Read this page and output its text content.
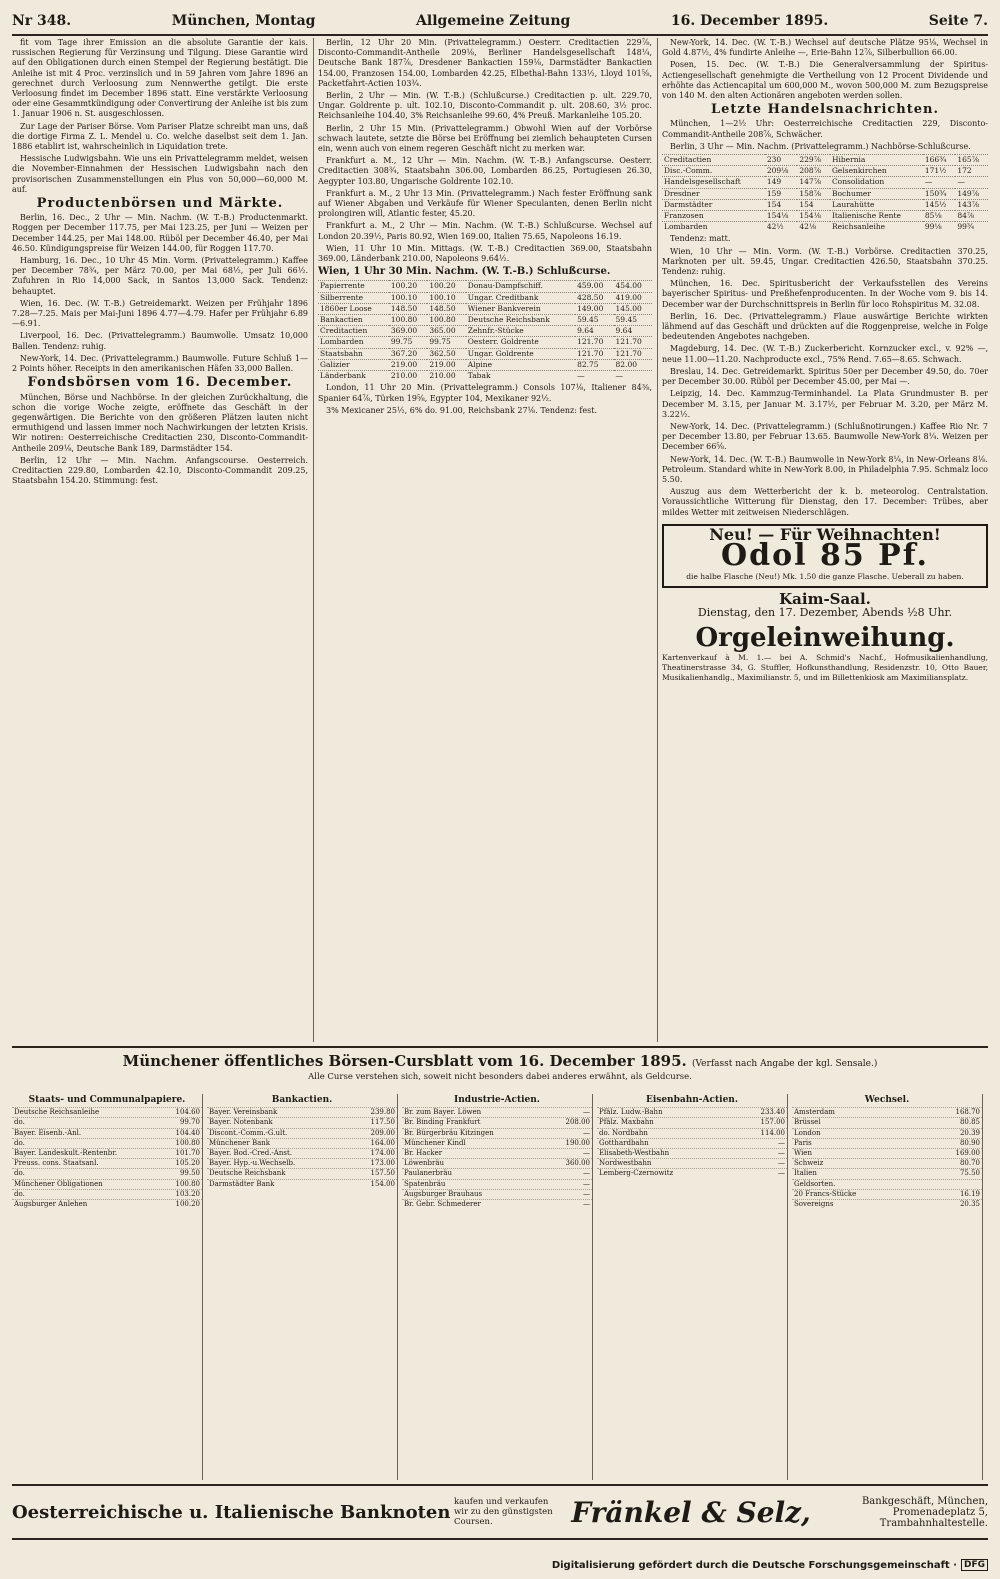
Nr 348.	München, Montag	Allgemeine Zeitung	16. December 1895.	Seite 7.

fit vom Tage ihrer Emission an die absolute Garantie der kais. russischen Regierung für Verzinsung und Tilgung. Diese Garantie wird auf den Obligationen durch einen Stempel der Regierung bestätigt. Die Anleihe ist mit 4 Proc. verzinslich und in 59 Jahren vom Jahre 1896 an gerechnet durch Verloosung zum Nennwerthe getilgt. Die erste Verloosung findet im December 1896 statt. Eine verstärkte Verloosung oder eine Gesammtkündigung oder Convertirung der Anleihe ist bis zum 1. Januar 1906 n. St. ausgeschlossen.

Zur Lage der Pariser Börse. Vom Pariser Platze schreibt man uns, daß die dortige Firma Z. L. Mendel u. Co. welche daselbst seit dem 1. Jan. 1886 etablirt ist, wahrscheinlich in Liquidation trete.

Hessische Ludwigsbahn. Wie uns ein Privattelegramm meldet, weisen die November-Einnahmen der Hessischen Ludwigsbahn nach den provisorischen Zusammenstellungen ein Plus von 50,000—60,000 M. auf.

Productenbörsen und Märkte.

Berlin, 16. Dec., 2 Uhr — Min. Nachm. (W. T.-B.) Productenmarkt. Roggen per December 117.75, per Mai 123.25, per Juni — Weizen per December 144.25, per Mai 148.00. Rüböl per December 46.40, per Mai 46.50. Kündigungspreise für Weizen 144.00, für Roggen 117.70.

Hamburg, 16. Dec., 10 Uhr 45 Min. Vorm. (Privattelegramm.) Kaffee per December 78¾, per März 70.00, per Mai 68½, per Juli 66½. Zufuhren in Rio 14,000 Sack, in Santos 13,000 Sack. Tendenz: behauptet.

Wien, 16. Dec. (W. T.-B.) Getreidemarkt. Weizen per Frühjahr 1896 7.28—7.25. Mais per Mai-Juni 1896 4.77—4.79. Hafer per Frühjahr 6.89—6.91.

Liverpool, 16. Dec. (Privattelegramm.) Baumwolle. Umsatz 10,000 Ballen. Tendenz: ruhig.

New-York, 14. Dec. (Privattelegramm.) Baumwolle. Future Schluß 1—2 Points höher. Receipts in den amerikanischen Häfen 33,000 Ballen.

Fondsbörsen vom 16. December.

München, Börse und Nachbörse. In der gleichen Zurückhaltung, die schon die vorige Woche zeigte, eröffnete das Geschäft in der gegenwärtigen. Die Berichte von den größeren Plätzen lauten nicht ermuthigend und lassen immer noch Nachwirkungen der letzten Krisis. Wir notiren: Oesterreichische Creditactien 230, Discontо-Commandit-Antheile 209⅛, Deutsche Bank 189, Darmstädter 154.

Berlin, 12 Uhr — Min. Nachm. Anfangscourse. Oesterreich. Creditactien 229.80, Lombarden 42.10, Disconto-Commandit 209.25, Staatsbahn 154.20. Stimmung: fest.

Berlin, 12 Uhr 20 Min. (Privattelegramm.) Oesterr. Creditactien 229⅞, Disconto-Commandit-Antheile 209⅛, Berliner Handelsgesellschaft 148¼, Deutsche Bank 187⅞, Dresdener Bankactien 159⅛, Darmstädter Bankactien 154.00, Franzosen 154.00, Lombarden 42.25, Elbethal-Bahn 133½, Lloyd 101⅝, Packetfahrt-Actien 103¾.

Berlin, 2 Uhr — Min. (W. T.-B.) (Schlußcurse.) Creditactien p. ult. 229.70, Ungar. Goldrente p. ult. 102.10, Disconto-Commandit p. ult. 208.60, 3½ proc. Reichsanleihe 104.40, 3% Reichsanleihe 99.60, 4% Preuß. Markanleihe 105.20.

Berlin, 2 Uhr 15 Min. (Privattelegramm.) Obwohl Wien auf der Vorbörse schwach lautete, setzte die Börse bei Eröffnung bei ziemlich behaupteten Cursen ein, wenn auch von einem regeren Geschäft nicht zu merken war.

Frankfurt a. M., 12 Uhr — Min. Nachm. (W. T.-B.) Anfangscurse. Oesterr. Creditactien 308¾, Staatsbahn 306.00, Lombarden 86.25, Portugiesen 26.30, Aegypter 103.80, Ungarische Goldrente 102.10.

Frankfurt a. M., 2 Uhr 13 Min. (Privattelegramm.) Nach fester Eröffnung sank auf Wiener Abgaben und Verkäufe für Wiener Speculanten, denen Berlin nicht prolongiren will, Atlantic fester, 45.20.

Frankfurt a. M., 2 Uhr — Min. Nachm. (W. T.-B.) Schlußcurse. Wechsel auf London 20.39½, Paris 80.92, Wien 169.00, Italien 75.65, Napoleons 16.19.

Wien, 11 Uhr 10 Min. Mittags. (W. T.-B.) Creditactien 369.00, Staatsbahn 369.00, Länderbank 210.00, Napoleons 9.64½.

Wien, 1 Uhr 30 Min. Nachm. (W. T.-B.) Schlußcurse.
Papierrente	100.20	100.20	Donau-Dampfschiff.	459.00	454.00
Silberrente	100.10	100.10	Ungar. Creditbank	428.50	419.00
1860er Loose	148.50	148.50	Wiener Bankverein	149.00	145.00
Bankactien	100.80	100.80	Deutsche Reichsbank	59.45	59.45
Creditactien	369.00	365.00	Zehnfr.-Stücke	9.64	9.64
Lombarden	99.75	99.75	Oesterr. Goldrente	121.70	121.70
Staatsbahn	367.20	362.50	Ungar. Goldrente	121.70	121.70
Galizier	219.00	219.00	Alpine	82.75	82.00
Länderbank	210.00	210.00	Tabak	—	—

London, 11 Uhr 20 Min. (Privattelegramm.) Consols 107⅛, Italiener 84⅜, Spanier 64⅞, Türken 19⅝, Egypter 104, Mexikaner 92½.

3% Mexicaner 25½, 6% do. 91.00, Reichsbank 27⅛. Tendenz: fest.

New-York, 14. Dec. (W. T.-B.) Wechsel auf deutsche Plätze 95⅛, Wechsel in Gold 4.87½, 4% fundirte Anleihe —, Erie-Bahn 12⅞, Silberbullion 66.00.

Posen, 15. Dec. (W. T.-B.) Die Generalversammlung der Spiritus-Actiengesellschaft genehmigte die Vertheilung von 12 Procent Dividende und erhöhte das Actiencapital um 600,000 M., wovon 500,000 M. zum Bezugspreise von 140 M. den alten Actionären angeboten werden sollen.

Letzte Handelsnachrichten.

München, 1—2½ Uhr: Oesterreichische Creditactien 229, Disconto-Commandit-Antheile 208⅞, Schwächer.

Berlin, 3 Uhr — Min. Nachm. (Privattelegramm.) Nachbörse-Schlußcurse.

Creditactien	230	229⅞	Hibernia	166¾	165⅞
Disc.-Comm.	209⅛	208⅞	Gelsenkirchen	171½	172
Handelsgesellschaft	149	147⅞	Consolidation	—	—
Dresdner	159	158⅞	Bochumer	150¾	149⅞
Darmstädter	154	154	Laurahütte	145½	143⅞
Franzosen	154⅛	154⅛	Italienische Rente	85⅛	84⅞
Lombarden	42½	42⅛	Reichsanleihe	99⅛	99¾

Tendenz: matt.

Wien, 10 Uhr — Min. Vorm. (W. T.-B.) Vorbörse. Creditactien 370.25, Marknoten per ult. 59.45, Ungar. Creditactien 426.50, Staatsbahn 370.25. Tendenz: ruhig.

München, 16. Dec. Spiritusbericht der Verkaufsstellen des Vereins bayerischer Spiritus- und Preßhefenproducenten. In der Woche vom 9. bis 14. December war der Durchschnittspreis in Berlin für loco Rohspiritus M. 32.08.

Berlin, 16. Dec. (Privattelegramm.) Flaue auswärtige Berichte wirkten lähmend auf das Geschäft und drückten auf die Roggenpreise, welche in Folge bedeutenden Angebotes nachgeben.

Magdeburg, 14. Dec. (W. T.-B.) Zuckerbericht. Kornzucker excl., v. 92% —, neue 11.00—11.20. Nachproducte excl., 75% Rend. 7.65—8.65. Schwach.

Breslau, 14. Dec. Getreidemarkt. Spiritus 50er per December 49.50, do. 70er per December 30.00. Rüböl per December 45.00, per Mai —.

Leipzig, 14. Dec. Kammzug-Terminhandel. La Plata Grundmuster B. per December M. 3.15, per Januar M. 3.17½, per Februar M. 3.20, per März M. 3.22½.

New-York, 14. Dec. (Privattelegramm.) (Schlußnotirungen.) Kaffee Rio Nr. 7 per December 13.80, per Februar 13.65. Baumwolle New-York 8¼. Weizen per December 66⅝.

New-York, 14. Dec. (W. T.-B.) Baumwolle in New-York 8¼, in New-Orleans 8⅛. Petroleum. Standard white in New-York 8.00, in Philadelphia 7.95. Schmalz loco 5.50.

Auszug aus dem Wetterbericht der k. b. meteorolog. Centralstation. Voraussichtliche Witterung für Dienstag, den 17. December: Trübes, aber mildes Wetter mit zeitweisen Niederschlägen.

Neu! — Für Weihnachten!
Odol 85 Pf.
die halbe Flasche (Neu!) Mk. 1.50 die ganze Flasche. Ueberall zu haben.
Kaim-Saal.
Dienstag, den 17. Dezember, Abends ½8 Uhr.
Orgeleinweihung.
Kartenverkauf à M. 1.— bei A. Schmid's Nachf., Hofmusikalienhandlung, Theatinerstrasse 34, G. Stuffler, Hofkunsthandlung, Residenzstr. 10, Otto Bauer, Musikalienhandlg., Maximilianstr. 5, und im Billettenkiosk am Maximiliansplatz.
Münchener öffentliches Börsen-Cursblatt vom 16. December 1895. (Verfasst nach Angabe der kgl. Sensale.)
Alle Curse verstehen sich, soweit nicht besonders dabei anderes erwähnt, als Geldcurse.
Staats- und Communalpapiere.
Deutsche Reichsanleihe	104.60
do.	99.70
Bayer. Eisenb.-Anl.	104.40
do.	100.80
Bayer. Landeskult.-Rentenbr.	101.70
Preuss. cons. Staatsanl.	105.20
do.	99.50
Münchener Obligationen	100.80
do.	103.20
Augsburger Anlehen	100.20
Bankactien.
Bayer. Vereinsbank	239.80
Bayer. Notenbank	117.50
Discont.-Comm.-G.ult.	209.00
Münchener Bank	164.00
Bayer. Bod.-Cred.-Anst.	174.00
Bayer. Hyp.-u.Wechselb.	173.00
Deutsche Reichsbank	157.50
Darmstädter Bank	154.00
Industrie-Actien.
Br. zum Bayer. Löwen	—
Br. Binding Frankfurt	208.00
Br. Bürgerbräu Kitzingen	—
Münchener Kindl	190.00
Br. Hacker	—
Löwenbräu	360.00
Paulanerbräu	—
Spatenbräu	—
Augsburger Brauhaus	—
Br. Gebr. Schmederer	—
Eisenbahn-Actien.
Pfälz. Ludw.-Bahn	233.40
Pfälz. Maxbahn	157.00
do. Nordbahn	114.00
Gotthardbahn	—
Elisabeth-Westbahn	—
Nordwestbahn	—
Lemberg-Czernowitz	—
Wechsel.
Amsterdam	168.70
Brüssel	80.85
London	20.39
Paris	80.90
Wien	169.00
Schweiz	80.70
Italien	75.50
Geldsorten.
20 Francs-Stücke	16.19
Sovereigns	20.35
Oesterreichische u. Italienische Banknoten kaufen und verkaufen wir zu den günstigsten Coursen.	Fränkel & Selz,	Bankgeschäft, München, Promenadeplatz 5, Trambahnhaltestelle.
Digitalisierung gefördert durch die Deutsche Forschungsgemeinschaft · DFG
